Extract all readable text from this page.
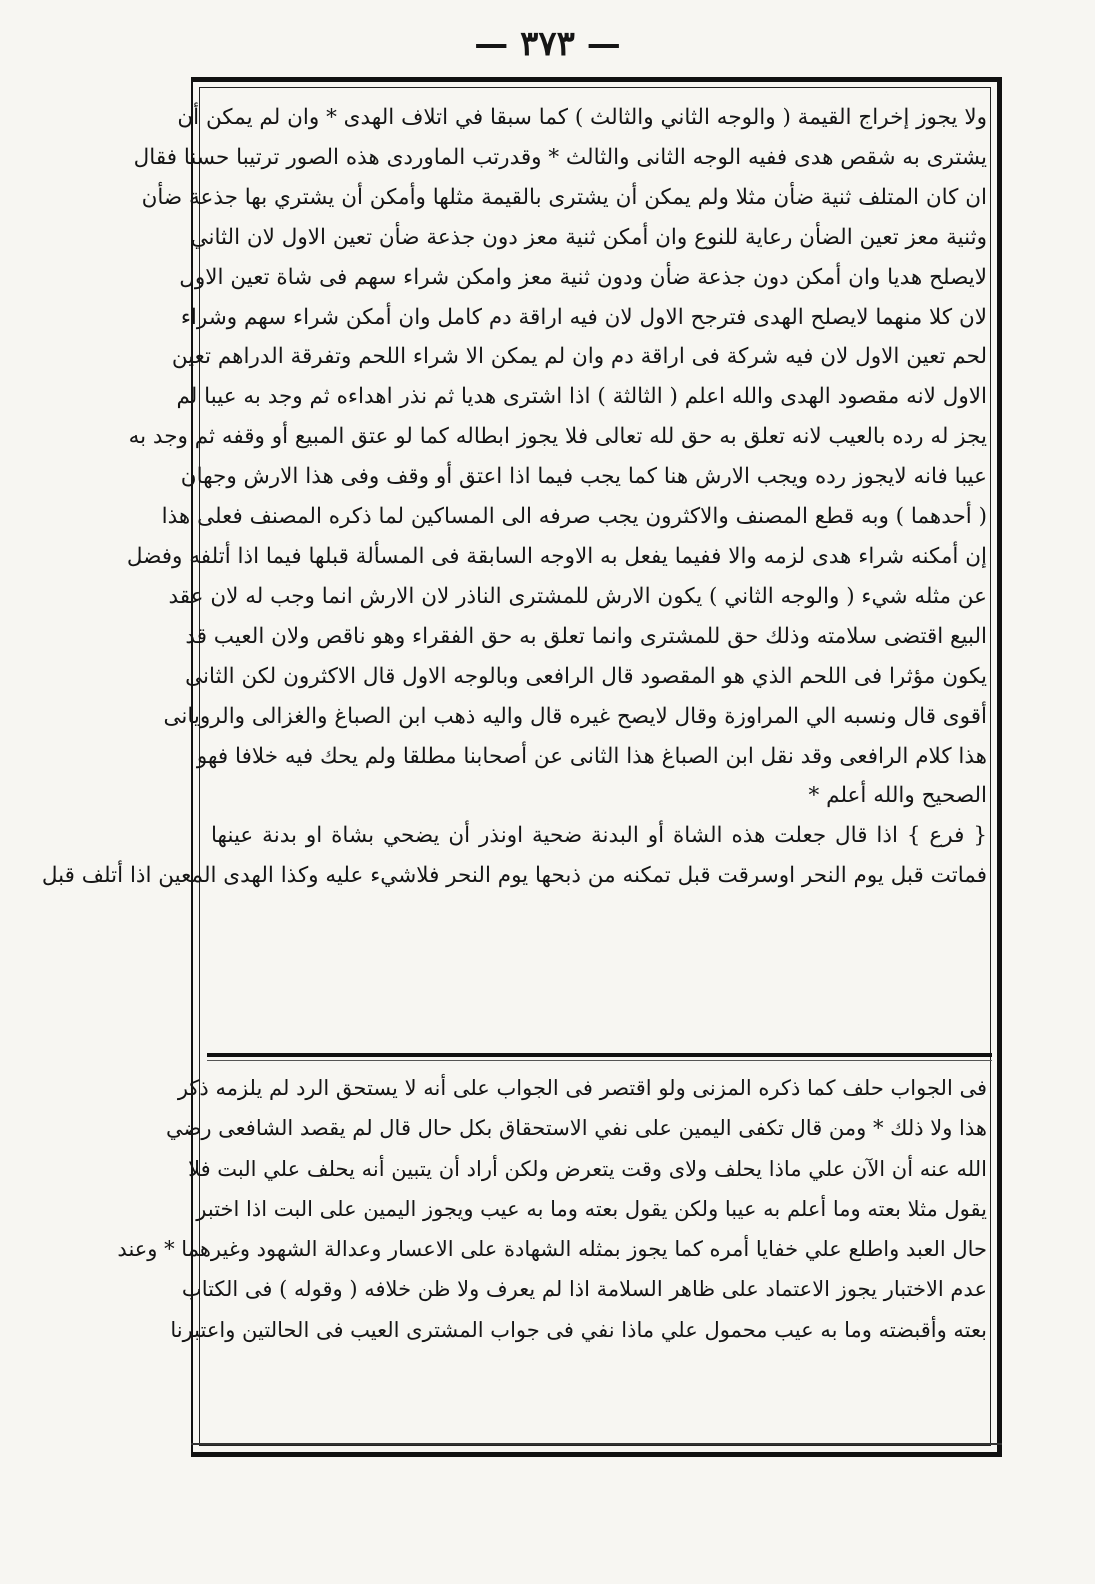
— ٣٧٣ —
ولا يجوز إخراج القيمة ( والوجه الثاني والثالث ) كما سبقا في اتلاف الهدى * وان لم يمكن أن
يشترى به شقص هدى ففيه الوجه الثانى والثالث * وقدرتب الماوردى هذه الصور ترتيبا حسنا فقال
ان كان المتلف ثنية ضأن مثلا ولم يمكن أن يشترى بالقيمة مثلها وأمكن أن يشتري بها جذعة ضأن
وثنية معز تعين الضأن رعاية للنوع وان أمكن ثنية معز دون جذعة ضأن تعين الاول لان الثاني
لايصلح هديا وان أمكن دون جذعة ضأن ودون ثنية معز وامكن شراء سهم فى شاة تعين الاول
لان كلا منهما لايصلح الهدى فترجح الاول لان فيه اراقة دم كامل وان أمكن شراء سهم وشراء
لحم تعين الاول لان فيه شركة فى اراقة دم وان لم يمكن الا شراء اللحم وتفرقة الدراهم تعين
الاول لانه مقصود الهدى والله اعلم ( الثالثة ) اذا اشترى هديا ثم نذر اهداءه ثم وجد به عيبا لم
يجز له رده بالعيب لانه تعلق به حق لله تعالى فلا يجوز ابطاله كما لو عتق المبيع أو وقفه ثم وجد به
عيبا فانه لايجوز رده ويجب الارش هنا كما يجب فيما اذا اعتق أو وقف وفى هذا الارش وجهان
( أحدهما ) وبه قطع المصنف والاكثرون يجب صرفه الى المساكين لما ذكره المصنف فعلى هذا
إن أمكنه شراء هدى لزمه والا ففيما يفعل به الاوجه السابقة فى المسألة قبلها فيما اذا أتلفه وفضل
عن مثله شيء ( والوجه الثاني ) يكون الارش للمشترى الناذر لان الارش انما وجب له لان عقد
البيع اقتضى سلامته وذلك حق للمشترى وانما تعلق به حق الفقراء وهو ناقص ولان العيب قد
يكون مؤثرا فى اللحم الذي هو المقصود قال الرافعى وبالوجه الاول قال الاكثرون لكن الثانى
أقوى قال ونسبه الي المراوزة وقال لايصح غيره قال واليه ذهب ابن الصباغ والغزالى والرويانى
هذا كلام الرافعى وقد نقل ابن الصباغ هذا الثانى عن أصحابنا مطلقا ولم يحك فيه خلافا فهو
الصحيح والله أعلم *
{ فرع } اذا قال جعلت هذه الشاة أو البدنة ضحية اونذر أن يضحي بشاة او بدنة عينها
فماتت قبل يوم النحر اوسرقت قبل تمكنه من ذبحها يوم النحر فلاشيء عليه وكذا الهدى المعين اذا أتلف قبل
فى الجواب حلف كما ذكره المزنى ولو اقتصر فى الجواب على أنه لا يستحق الرد لم يلزمه ذكر
هذا ولا ذلك * ومن قال تكفى اليمين على نفي الاستحقاق بكل حال قال لم يقصد الشافعى رضي
الله عنه أن الآن علي ماذا يحلف ولاى وقت يتعرض ولكن أراد أن يتبين أنه يحلف علي البت فلا
يقول مثلا بعته وما أعلم به عيبا ولكن يقول بعته وما به عيب ويجوز اليمين على البت اذا اختبر
حال العبد واطلع علي خفايا أمره كما يجوز بمثله الشهادة على الاعسار وعدالة الشهود وغيرهما * وعند
عدم الاختبار يجوز الاعتماد على ظاهر السلامة اذا لم يعرف ولا ظن خلافه ( وقوله ) فى الكتاب
بعته وأقبضته وما به عيب محمول علي ماذا نفي فى جواب المشترى العيب فى الحالتين واعتبرنا
